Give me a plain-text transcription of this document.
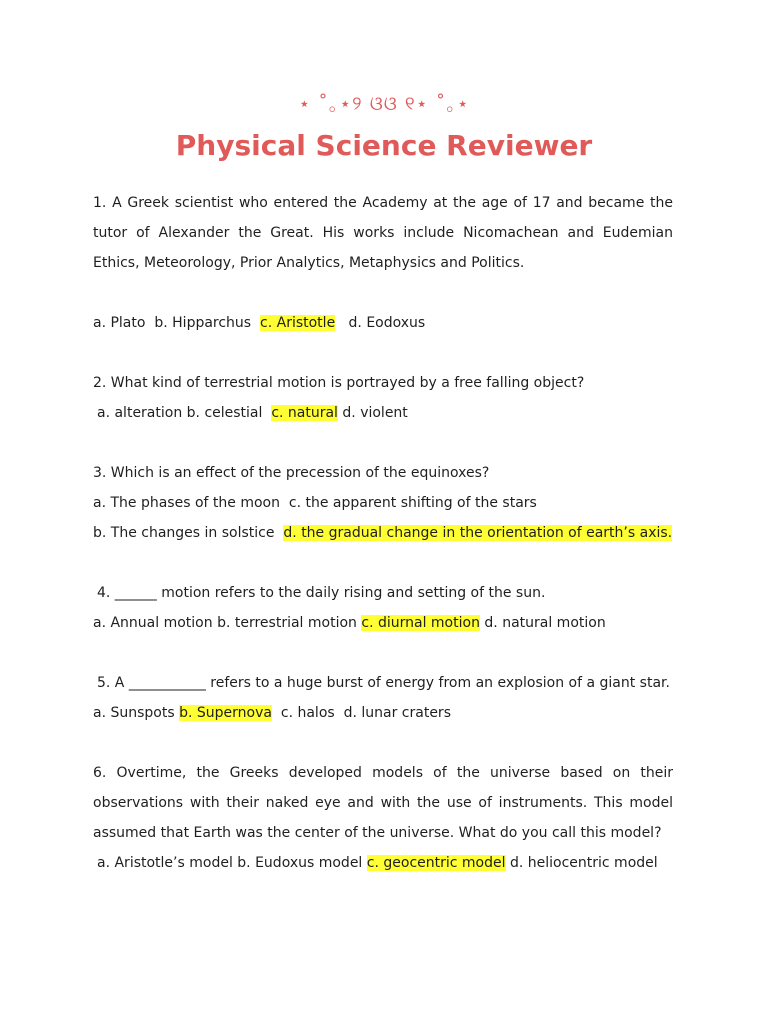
⋆ ˚｡⋆୨ ଓଓ ୧⋆ ˚｡⋆
Physical Science Reviewer

1. A Greek scientist who entered the Academy at the age of 17 and became the tutor of Alexander the Great. His works include Nicomachean and Eudemian Ethics, Meteorology, Prior Analytics, Metaphysics and Politics.

a. Plato b. Hipparchus c. Aristotle d. Eodoxus

2. What kind of terrestrial motion is portrayed by a free falling object?

a. alteration b. celestial c. natural d. violent

3. Which is an effect of the precession of the equinoxes?

a. The phases of the moon c. the apparent shifting of the stars

b. The changes in solstice d. the gradual change in the orientation of earth’s axis.

4. ______ motion refers to the daily rising and setting of the sun.

a. Annual motion b. terrestrial motion c. diurnal motion d. natural motion

5. A ___________ refers to a huge burst of energy from an explosion of a giant star.

a. Sunspots b. Supernova c. halos d. lunar craters

6. Overtime, the Greeks developed models of the universe based on their observations with their naked eye and with the use of instruments. This model assumed that Earth was the center of the universe. What do you call this model?

a. Aristotle’s model b. Eudoxus model c. geocentric model d. heliocentric model
